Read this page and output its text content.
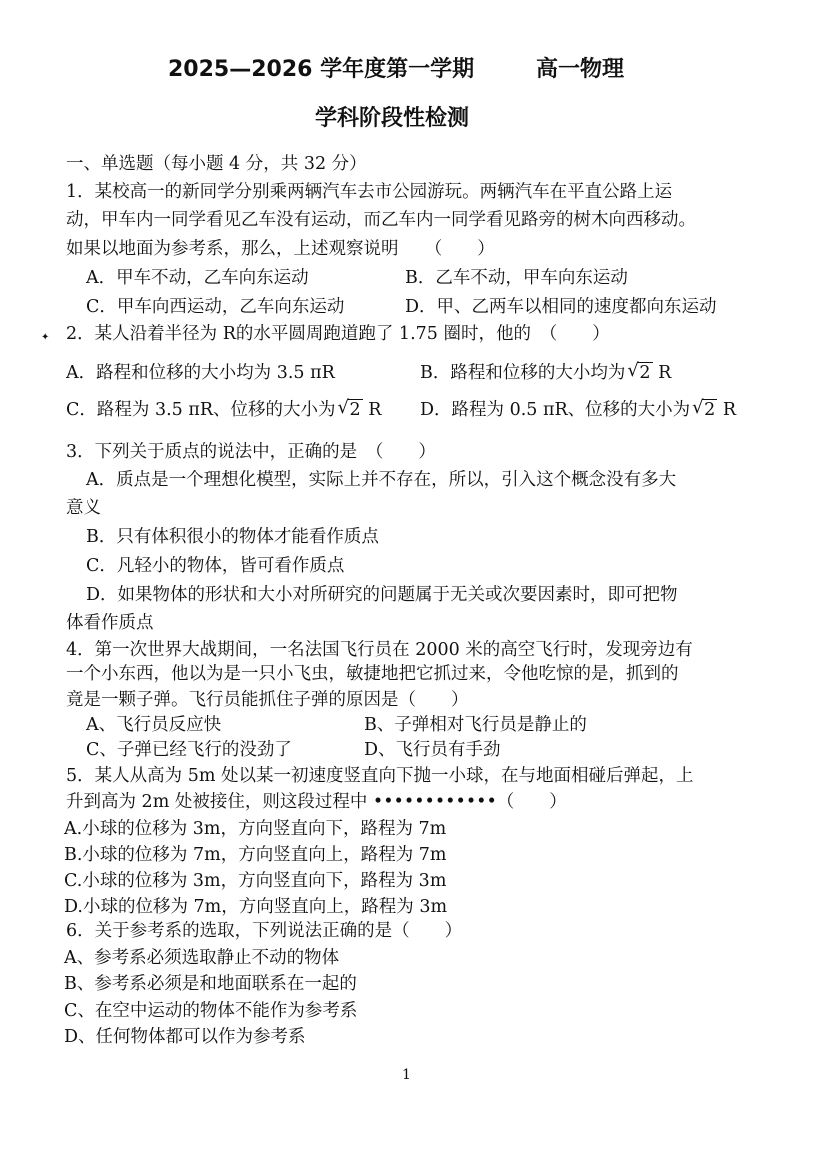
2025—2026 学年度第一学期	高一物理
学科阶段性检测
一、单选题（每小题 4 分，共 32 分）
1．某校高一的新同学分别乘两辆汽车去市公园游玩。两辆汽车在平直公路上运
动，甲车内一同学看见乙车没有运动，而乙车内一同学看见路旁的树木向西移动。
如果以地面为参考系，那么，上述观察说明　　（　　）
A．甲车不动，乙车向东运动	B．乙车不动，甲车向东运动
C．甲车向西运动，乙车向东运动	D．甲、乙两车以相同的速度都向东运动
✦ 2．某人沿着半径为 R的水平圆周跑道跑了 1.75 圈时，他的　（　　）
A．路程和位移的大小均为 3.5 πR	B．路程和位移的大小均为 √ 2 R
C．路程为 3.5 πR、位移的大小为 √ 2 R D．路程为 0.5 πR、位移的大小为 √ 2 R
3．下列关于质点的说法中，正确的是　（　　）
A．质点是一个理想化模型，实际上并不存在，所以，引入这个概念没有多大
意义
B．只有体积很小的物体才能看作质点
C．凡轻小的物体，皆可看作质点
D．如果物体的形状和大小对所研究的问题属于无关或次要因素时，即可把物
体看作质点
4．第一次世界大战期间，一名法国飞行员在 2000 米的高空飞行时，发现旁边有
一个小东西，他以为是一只小飞虫，敏捷地把它抓过来，令他吃惊的是，抓到的
竟是一颗子弹。飞行员能抓住子弹的原因是（　　）
A、飞行员反应快	B、子弹相对飞行员是静止的
C、子弹已经飞行的没劲了	D、飞行员有手劲
5．某人从高为 5m 处以某一初速度竖直向下抛一小球，在与地面相碰后弹起，上
升到高为 2m 处被接住，则这段过程中 ••••••••••••（　　）
A.小球的位移为 3m，方向竖直向下，路程为 7m
B.小球的位移为 7m，方向竖直向上，路程为 7m
C.小球的位移为 3m，方向竖直向下，路程为 3m
D.小球的位移为 7m，方向竖直向上，路程为 3m
6．关于参考系的选取，下列说法正确的是（　　）
A、参考系必须选取静止不动的物体
B、参考系必须是和地面联系在一起的
C、在空中运动的物体不能作为参考系
D、任何物体都可以作为参考系
1
